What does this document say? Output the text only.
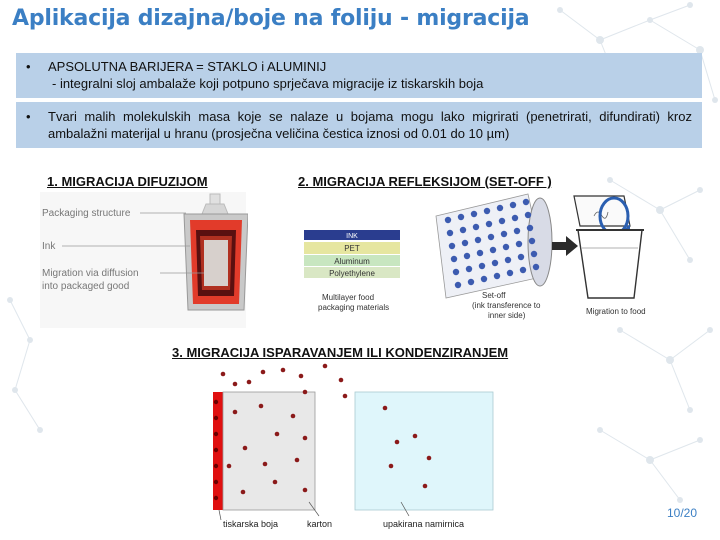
Aplikacija dizajna/boje na foliju - migracija
• APSOLUTNA BARIJERA = STAKLO i ALUMINIJ
- integralni sloj ambalaže koji potpuno sprječava migracije iz tiskarskih boja
• Tvari malih molekulskih masa koje se nalaze u bojama mogu lako migrirati (penetrirati, difundirati) kroz ambalažni materijal u hranu (prosječna veličina čestica iznosi od 0.01 do 10 µm)
1. MIGRACIJA DIFUZIJOM	2. MIGRACIJA REFLEKSIJOM (SET-OFF )
3. MIGRACIJA ISPARAVANJEM ILI KONDENZIRANJEM
Packaging structure
Ink
Migration via diffusion
into packaged good
INK
PET
Aluminum
Polyethylene
Multilayer food
packaging materials
Set-off
(ink transference to
inner side)	Migration to food
tiskarska boja	karton	upakirana namirnica
10/20
